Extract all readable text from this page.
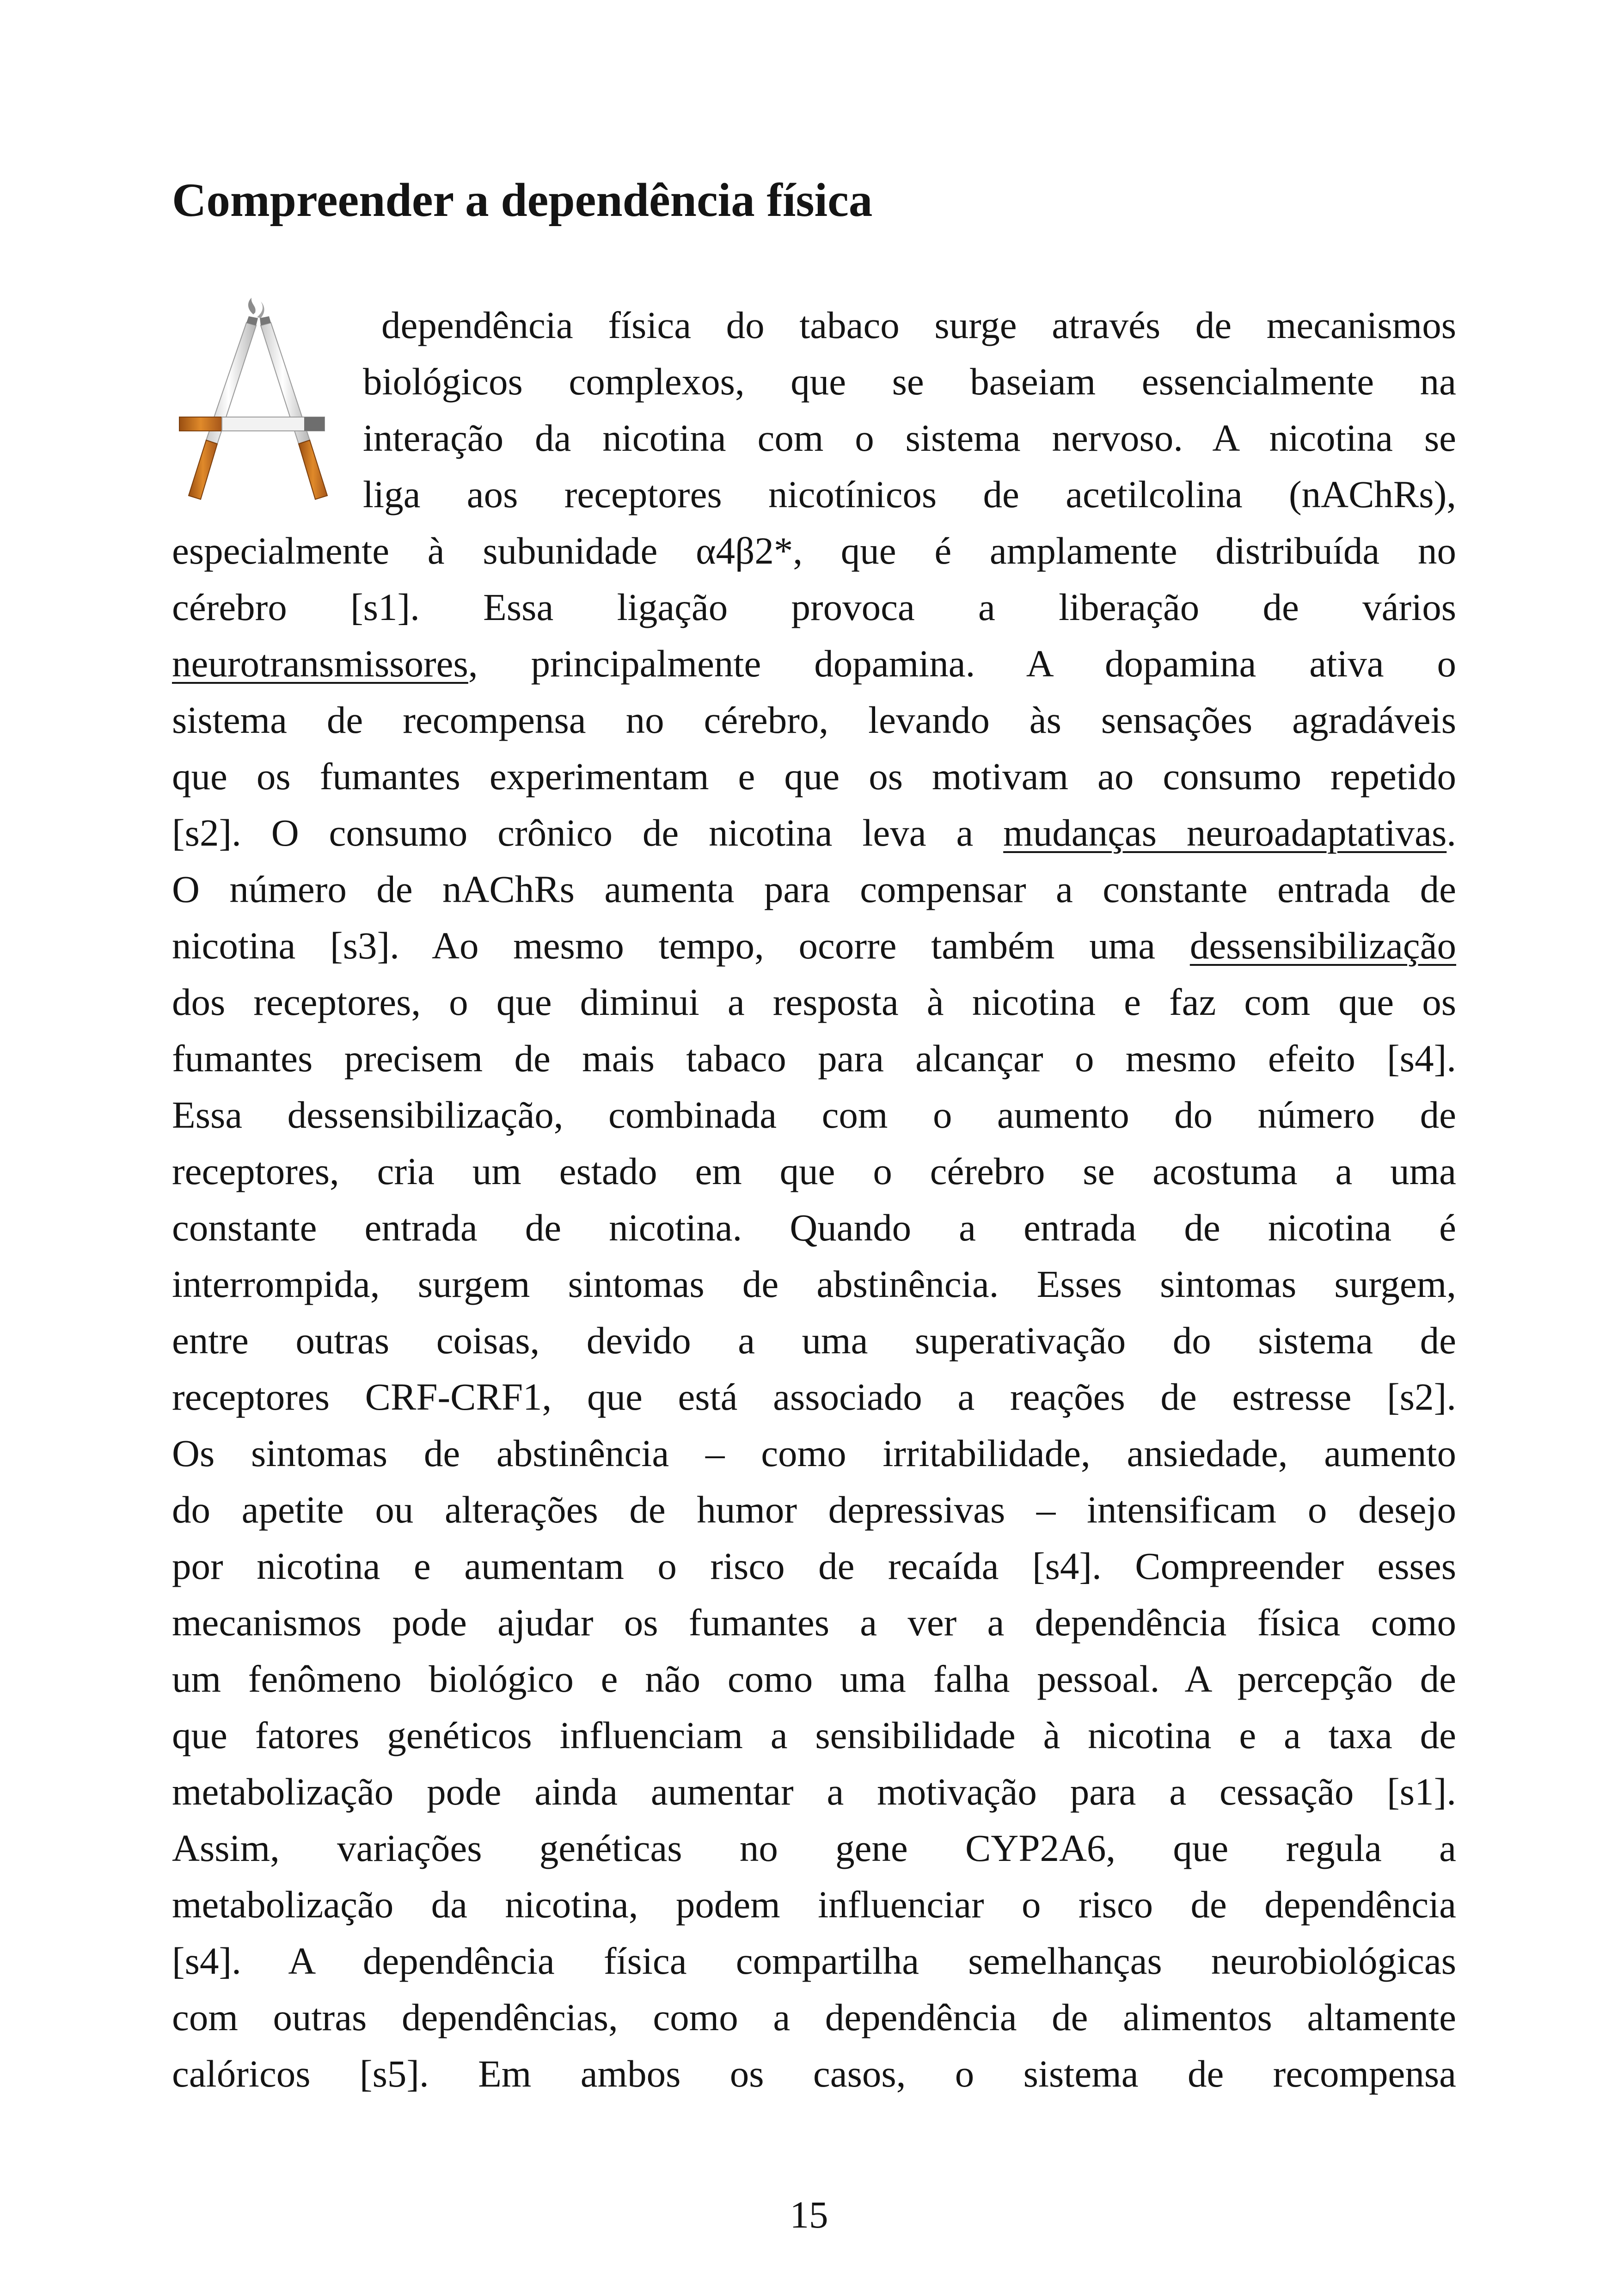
Compreender a dependência física
dependência física do tabaco surge através de mecanismos
biológicos complexos, que se baseiam essencialmente na
interação da nicotina com o sistema nervoso. A nicotina se
liga aos receptores nicotínicos de acetilcolina (nAChRs),
especialmente à subunidade α4β2*, que é amplamente distribuída no
cérebro [s1]. Essa ligação provoca a liberação de vários
neurotransmissores, principalmente dopamina. A dopamina ativa o
sistema de recompensa no cérebro, levando às sensações agradáveis
que os fumantes experimentam e que os motivam ao consumo repetido
[s2]. O consumo crônico de nicotina leva a mudanças neuroadaptativas.
O número de nAChRs aumenta para compensar a constante entrada de
nicotina [s3]. Ao mesmo tempo, ocorre também uma dessensibilização
dos receptores, o que diminui a resposta à nicotina e faz com que os
fumantes precisem de mais tabaco para alcançar o mesmo efeito [s4].
Essa dessensibilização, combinada com o aumento do número de
receptores, cria um estado em que o cérebro se acostuma a uma
constante entrada de nicotina. Quando a entrada de nicotina é
interrompida, surgem sintomas de abstinência. Esses sintomas surgem,
entre outras coisas, devido a uma superativação do sistema de
receptores CRF-CRF1, que está associado a reações de estresse [s2].
Os sintomas de abstinência – como irritabilidade, ansiedade, aumento
do apetite ou alterações de humor depressivas – intensificam o desejo
por nicotina e aumentam o risco de recaída [s4]. Compreender esses
mecanismos pode ajudar os fumantes a ver a dependência física como
um fenômeno biológico e não como uma falha pessoal. A percepção de
que fatores genéticos influenciam a sensibilidade à nicotina e a taxa de
metabolização pode ainda aumentar a motivação para a cessação [s1].
Assim, variações genéticas no gene CYP2A6, que regula a
metabolização da nicotina, podem influenciar o risco de dependência
[s4]. A dependência física compartilha semelhanças neurobiológicas
com outras dependências, como a dependência de alimentos altamente
calóricos [s5]. Em ambos os casos, o sistema de recompensa
15
